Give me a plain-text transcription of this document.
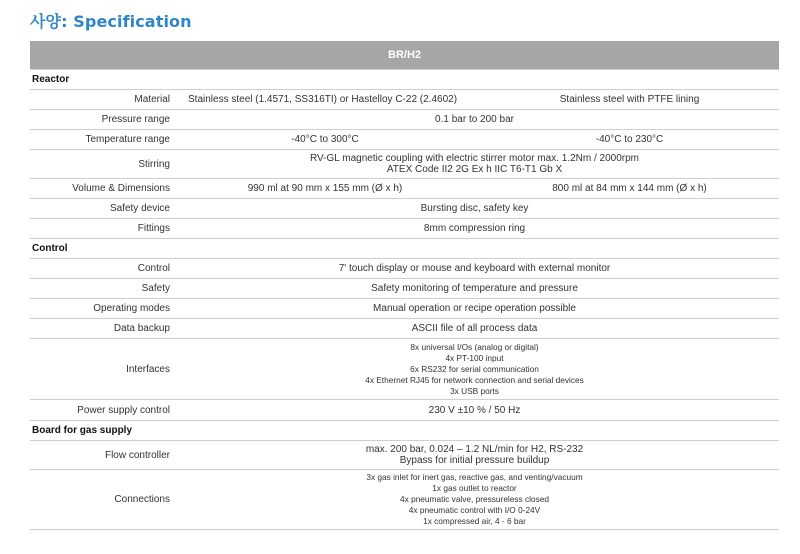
사양: Specification
BR/H2		
Reactor		
Material	Stainless steel (1.4571, SS316TI) or Hastelloy C-22 (2.4602)	Stainless steel with PTFE lining
Pressure range	0.1 bar to 200 bar	
Temperature range	-40°C to 300°C	-40°C to 230°C
Stirring	RV-GL magnetic coupling with electric stirrer motor max. 1.2Nm / 2000rpm
ATEX Code II2 2G Ex h IIC T6-T1 Gb X	

Volume & Dimensions	990 ml at 90 mm x 155 mm (Ø x h)	800 ml at 84 mm x 144 mm (Ø x h)
Safety device	Bursting disc, safety key	
Fittings	8mm compression ring	
Control		
Control	7' touch display or mouse and keyboard with external monitor	
Safety	Safety monitoring of temperature and pressure	
Operating modes	Manual operation or recipe operation possible	
Data backup	ASCII file of all process data	
Interfaces	8x universal I/Os (analog or digital)
4x PT-100 input
6x RS232 for serial communication
4x Ethernet RJ45 for network connection and serial devices
3x USB ports	

Power supply control	230 V ±10 % / 50 Hz	
Board for gas supply		
Flow controller	max. 200 bar, 0.024 – 1.2 NL/min for H2, RS-232
Bypass for initial pressure buildup	

Connections	3x gas inlet for inert gas, reactive gas, and venting/vacuum
1x gas outlet to reactor
4x pneumatic valve, pressureless closed
4x pneumatic control with I/O 0-24V
1x compressed air, 4 - 6 bar	
